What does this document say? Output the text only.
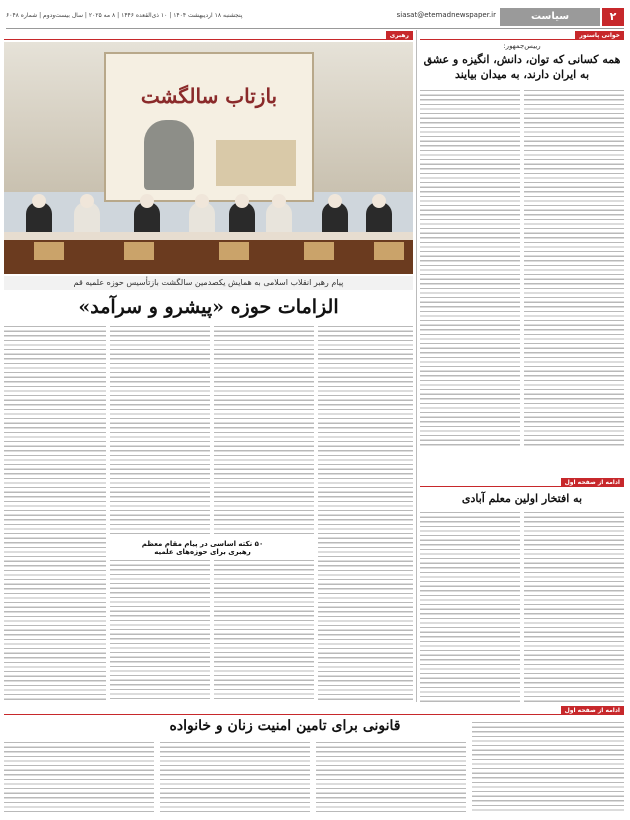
۲
سیاست
siasat@etemadnewspaper.ir
پنجشنبه ۱۸ اردیبهشت ۱۴۰۴ | ۱۰ ذی‌القعده ۱۴۴۶ | ۸ مه ۲۰۲۵ | سال بیست‌ودوم | شماره ۶۰۴۸
رهبری
بازتاب سالگشت
پیام رهبر انقلاب اسلامی به همایش یکصدمین سالگشت بازتأسیس حوزه علمیه قم
الزامات حوزه «پیشرو و سرآمد»
۵۰ نکته اساسی در پیام مقام معظم رهبری برای حوزه‌های علمیه
خوانی پاستور
رییس‌جمهور:
همه کسانی که توان، دانش، انگیزه و عشق به ایران دارند، به میدان بیایند
ادامه از صفحه اول
به افتخار اولین معلم آبادی
ادامه از صفحه اول
قانونی برای تامین امنیت زنان و خانواده
